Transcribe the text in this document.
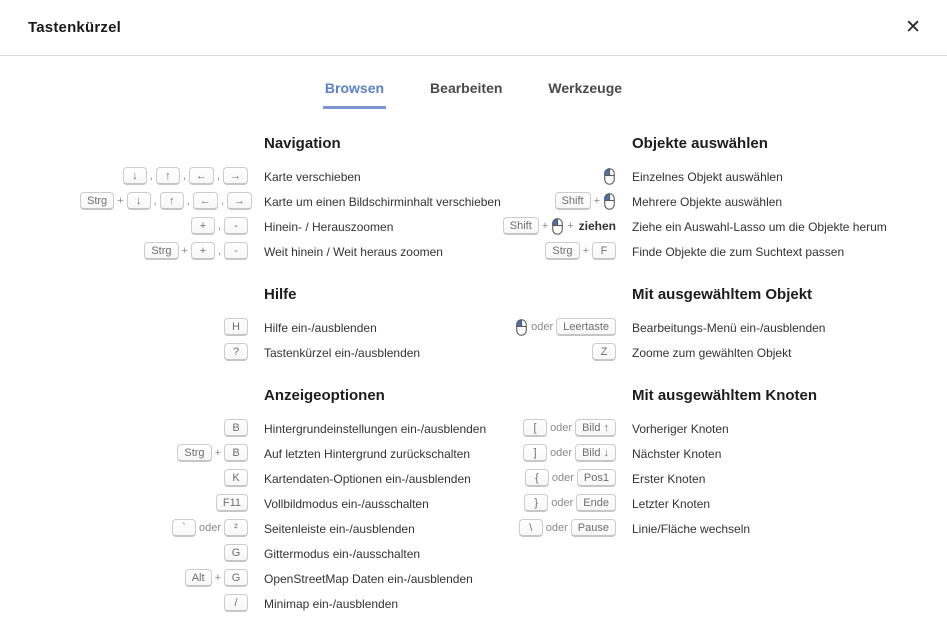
Tastenkürzel	✕
Browsen	Bearbeiten	Werkzeuge
Navigation
↓ , ↑ , ← , →	Karte verschieben
Strg + ↓ , ↑ , ← , →	Karte um einen Bildschirminhalt verschieben
+ , -	Hinein- / Herauszoomen
Strg + + , -	Weit hinein / Weit heraus zoomen
Hilfe
H	Hilfe ein-/ausblenden
?	Tastenkürzel ein-/ausblenden
Anzeigeoptionen
B	Hintergrundeinstellungen ein-/ausblenden
Strg + B	Auf letzten Hintergrund zurückschalten
K	Kartendaten-Optionen ein-/ausblenden
F11	Vollbildmodus ein-/ausschalten
` oder ²	Seitenleiste ein-/ausblenden
G	Gittermodus ein-/ausschalten
Alt + G	OpenStreetMap Daten ein-/ausblenden
/	Minimap ein-/ausblenden
Objekte auswählen
Einzelnes Objekt auswählen
Shift +	Mehrere Objekte auswählen
Shift + + ziehen	Ziehe ein Auswahl-Lasso um die Objekte herum
Strg + F	Finde Objekte die zum Suchtext passen
Mit ausgewähltem Objekt
oder Leertaste	Bearbeitungs-Menü ein-/ausblenden
Z	Zoome zum gewählten Objekt
Mit ausgewähltem Knoten
[ oder Bild ↑	Vorheriger Knoten
] oder Bild ↓	Nächster Knoten
{ oder Pos1	Erster Knoten
} oder Ende	Letzter Knoten
\ oder Pause	Linie/Fläche wechseln
